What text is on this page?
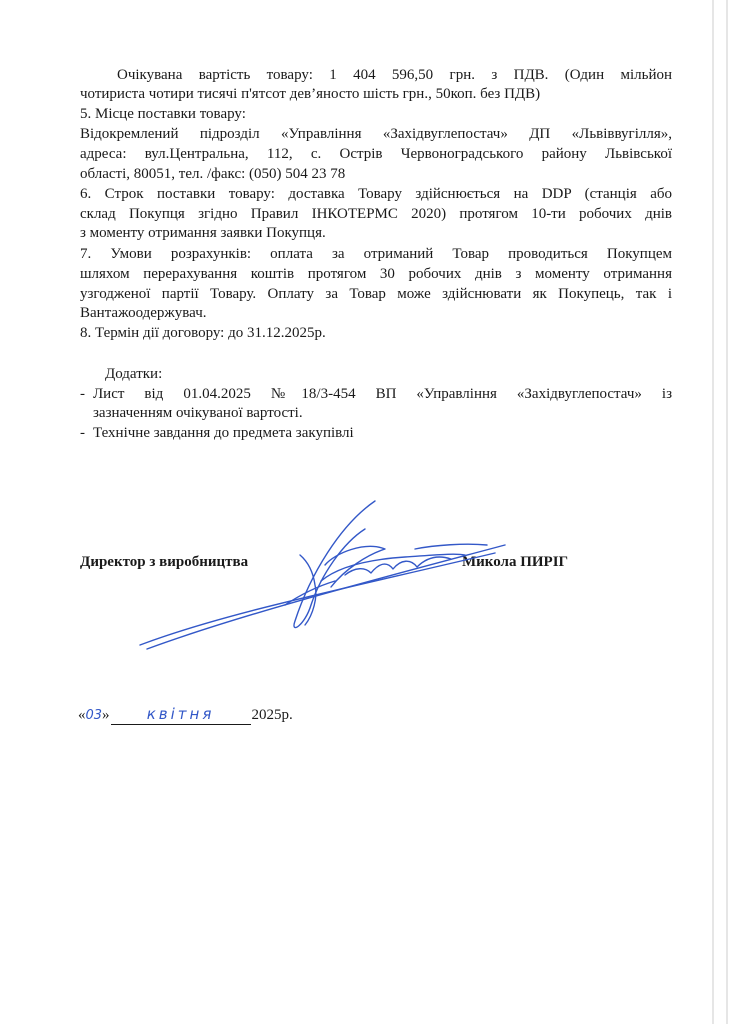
Очікувана вартість товару: 1 404 596,50 грн. з ПДВ. (Один мільйон
чотириста чотири тисячі п'ятсот дев’яносто шість грн., 50коп. без ПДВ)
5. Місце поставки товару:
Відокремлений підрозділ «Управління «Західвуглепостач» ДП «Львіввугілля»,
адреса: вул.Центральна, 112, с. Острів Червоноградського району Львівської
області, 80051, тел. /факс: (050) 504 23 78
6. Строк поставки товару: доставка Товару здійснюється на DDP (станція або
склад Покупця згідно Правил ІНКОТЕРМС 2020) протягом 10-ти робочих днів
з моменту отримання заявки Покупця.
7. Умови розрахунків: оплата за отриманий Товар проводиться Покупцем
шляхом перерахування коштів протягом 30 робочих днів з моменту отримання
узгодженої партії Товару. Оплату за Товар може здійснювати як Покупець, так і
Вантажоодержувач.
8. Термін дії договору: до 31.12.2025р.
Додатки:
- Лист від 01.04.2025 №18/3-454 ВП «Управління «Західвуглепостач» із
зазначенням очікуваної вартості.
- Технічне завдання до предмета закупівлі
Директор з виробництва	Микола ПИРІГ
«03» квітня 2025р.
